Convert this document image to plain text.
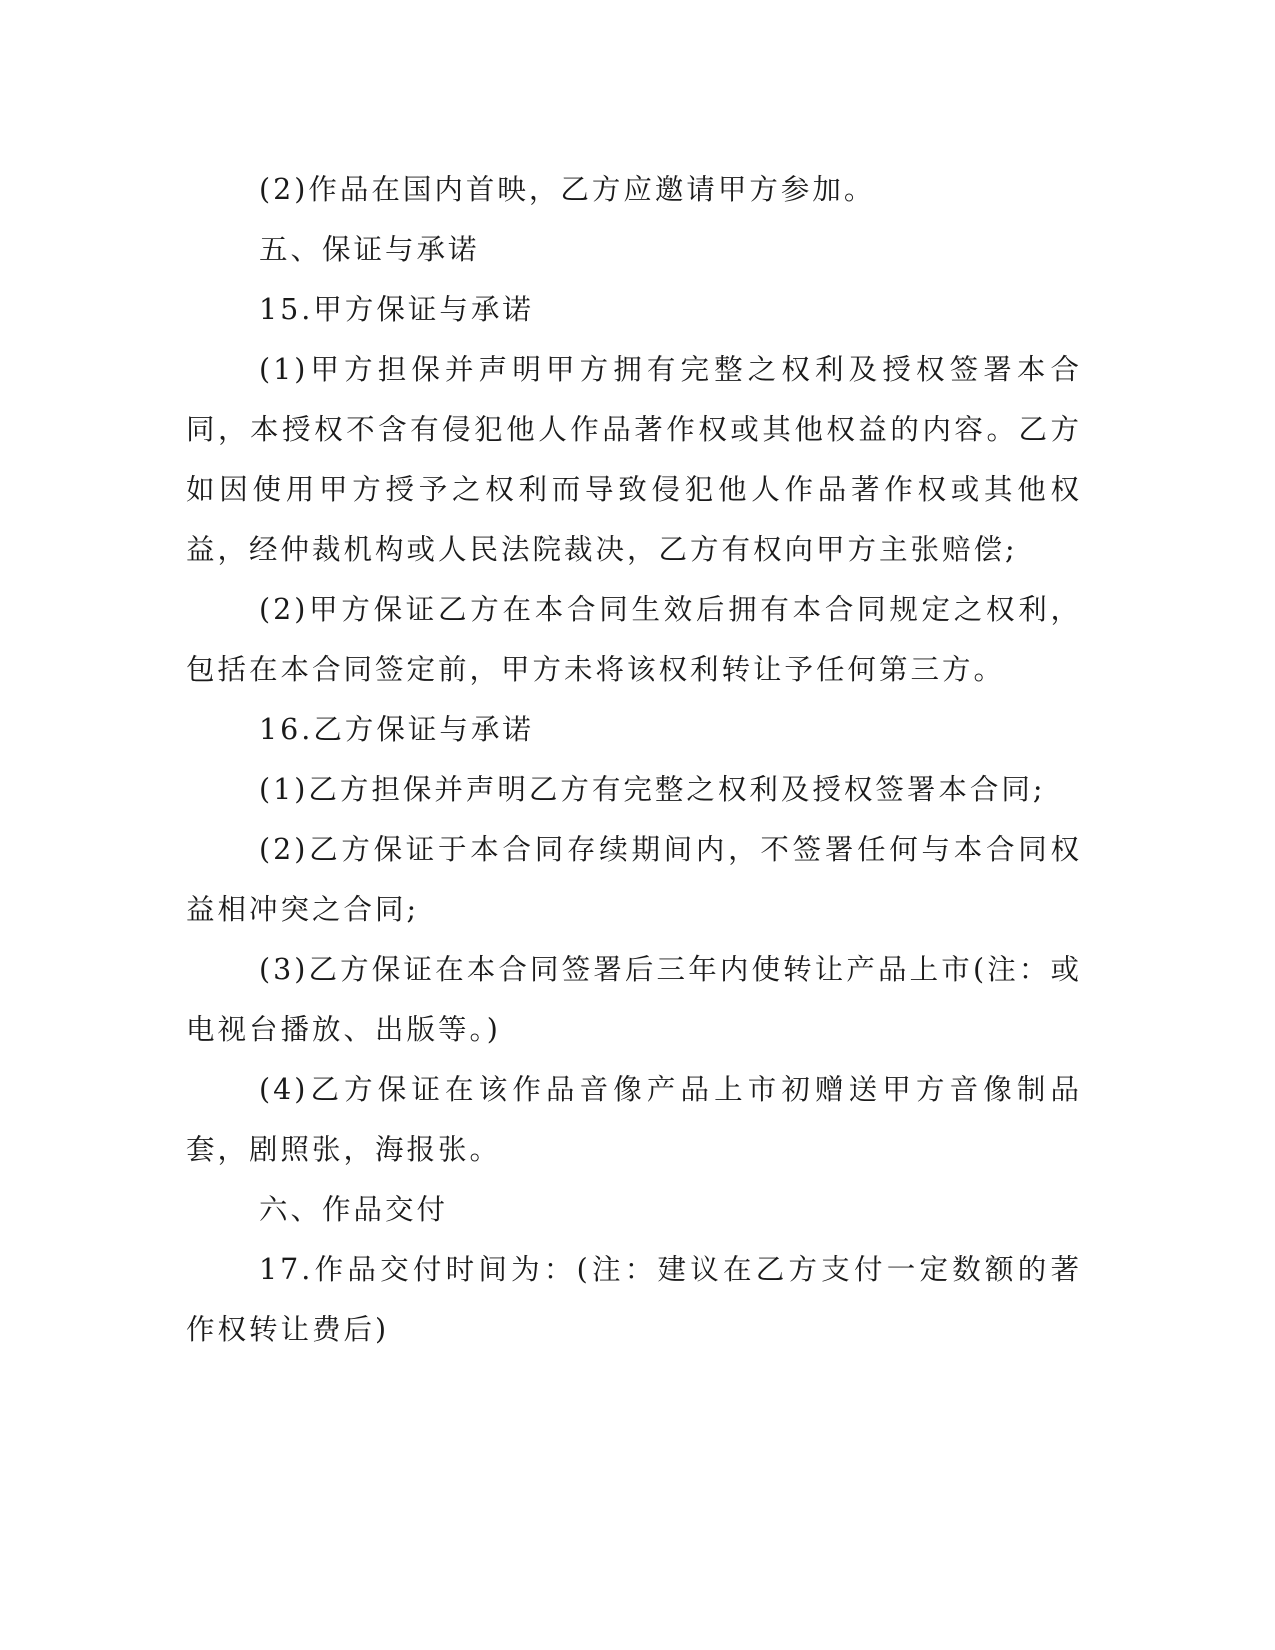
(2)作品在国内首映，乙方应邀请甲方参加。

五、保证与承诺

15.甲方保证与承诺

(1)甲方担保并声明甲方拥有完整之权利及授权签署本合同，本授权不含有侵犯他人作品著作权或其他权益的内容。乙方如因使用甲方授予之权利而导致侵犯他人作品著作权或其他权益，经仲裁机构或人民法院裁决，乙方有权向甲方主张赔偿;

(2)甲方保证乙方在本合同生效后拥有本合同规定之权利，包括在本合同签定前，甲方未将该权利转让予任何第三方。

16.乙方保证与承诺

(1)乙方担保并声明乙方有完整之权利及授权签署本合同;

(2)乙方保证于本合同存续期间内，不签署任何与本合同权益相冲突之合同;

(3)乙方保证在本合同签署后三年内使转让产品上市(注：或电视台播放、出版等。)

(4)乙方保证在该作品音像产品上市初赠送甲方音像制品套，剧照张，海报张。

六、作品交付

17.作品交付时间为：(注：建议在乙方支付一定数额的著作权转让费后)
